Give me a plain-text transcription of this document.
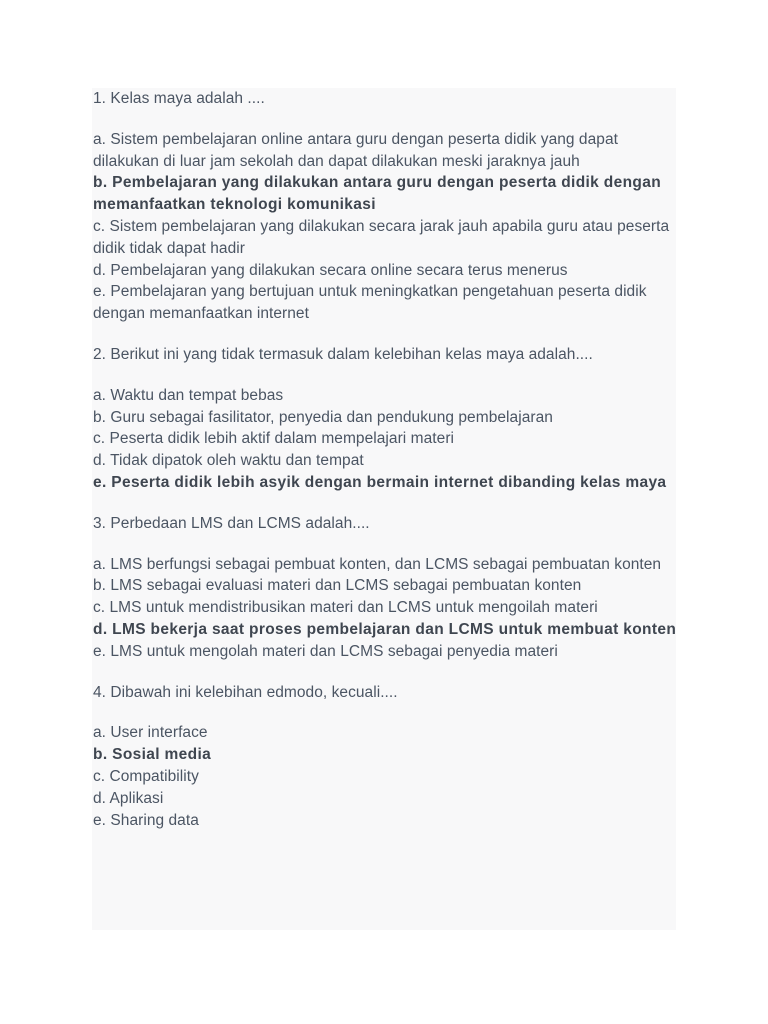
1. Kelas maya adalah ....

a. Sistem pembelajaran online antara guru dengan peserta didik yang dapat dilakukan di luar jam sekolah dan dapat dilakukan meski jaraknya jauh

b. Pembelajaran yang dilakukan antara guru dengan peserta didik dengan memanfaatkan teknologi komunikasi

c. Sistem pembelajaran yang dilakukan secara jarak jauh apabila guru atau peserta didik tidak dapat hadir

d. Pembelajaran yang dilakukan secara online secara terus menerus

e. Pembelajaran yang bertujuan untuk meningkatkan pengetahuan peserta didik dengan memanfaatkan internet

2. Berikut ini yang tidak termasuk dalam kelebihan kelas maya adalah....

a. Waktu dan tempat bebas

b. Guru sebagai fasilitator, penyedia dan pendukung pembelajaran

c. Peserta didik lebih aktif dalam mempelajari materi

d. Tidak dipatok oleh waktu dan tempat

e. Peserta didik lebih asyik dengan bermain internet dibanding kelas maya

3. Perbedaan LMS dan LCMS adalah....

a. LMS berfungsi sebagai pembuat konten, dan LCMS sebagai pembuatan konten

b. LMS sebagai evaluasi materi dan LCMS sebagai pembuatan konten

c. LMS untuk mendistribusikan materi dan LCMS untuk mengoilah materi

d. LMS bekerja saat proses pembelajaran dan LCMS untuk membuat konten

e. LMS untuk mengolah materi dan LCMS sebagai penyedia materi

4. Dibawah ini kelebihan edmodo, kecuali....

a. User interface

b. Sosial media

c. Compatibility

d. Aplikasi

e. Sharing data
